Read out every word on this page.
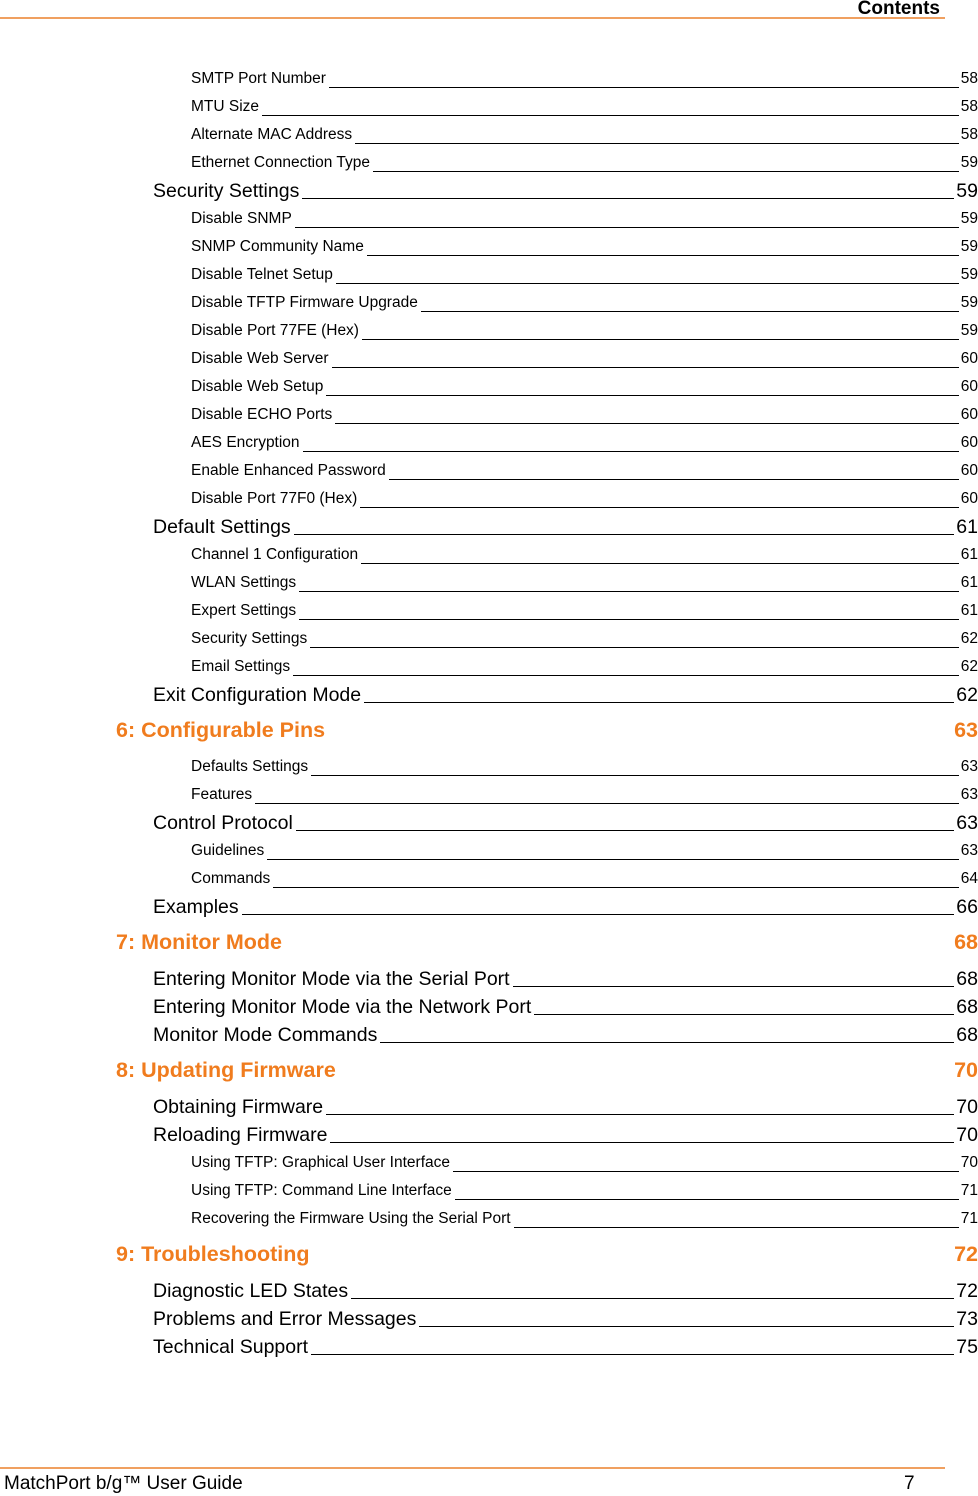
Contents
SMTP Port Number	58
MTU Size	58
Alternate MAC Address	58
Ethernet Connection Type	59
Security Settings	59
Disable SNMP	59
SNMP Community Name	59
Disable Telnet Setup	59
Disable TFTP Firmware Upgrade	59
Disable Port 77FE (Hex)	59
Disable Web Server	60
Disable Web Setup	60
Disable ECHO Ports	60
AES Encryption	60
Enable Enhanced Password	60
Disable Port 77F0 (Hex)	60
Default Settings	61
Channel 1 Configuration	61
WLAN Settings	61
Expert Settings	61
Security Settings	62
Email Settings	62
Exit Configuration Mode	62
6: Configurable Pins	63
Defaults Settings	63
Features	63
Control Protocol	63
Guidelines	63
Commands	64
Examples	66
7: Monitor Mode	68
Entering Monitor Mode via the Serial Port	68
Entering Monitor Mode via the Network Port	68
Monitor Mode Commands	68
8: Updating Firmware	70
Obtaining Firmware	70
Reloading Firmware	70
Using TFTP: Graphical User Interface	70
Using TFTP: Command Line Interface	71
Recovering the Firmware Using the Serial Port	71
9: Troubleshooting	72
Diagnostic LED States	72
Problems and Error Messages	73
Technical Support	75
MatchPort b/g™ User Guide	7
